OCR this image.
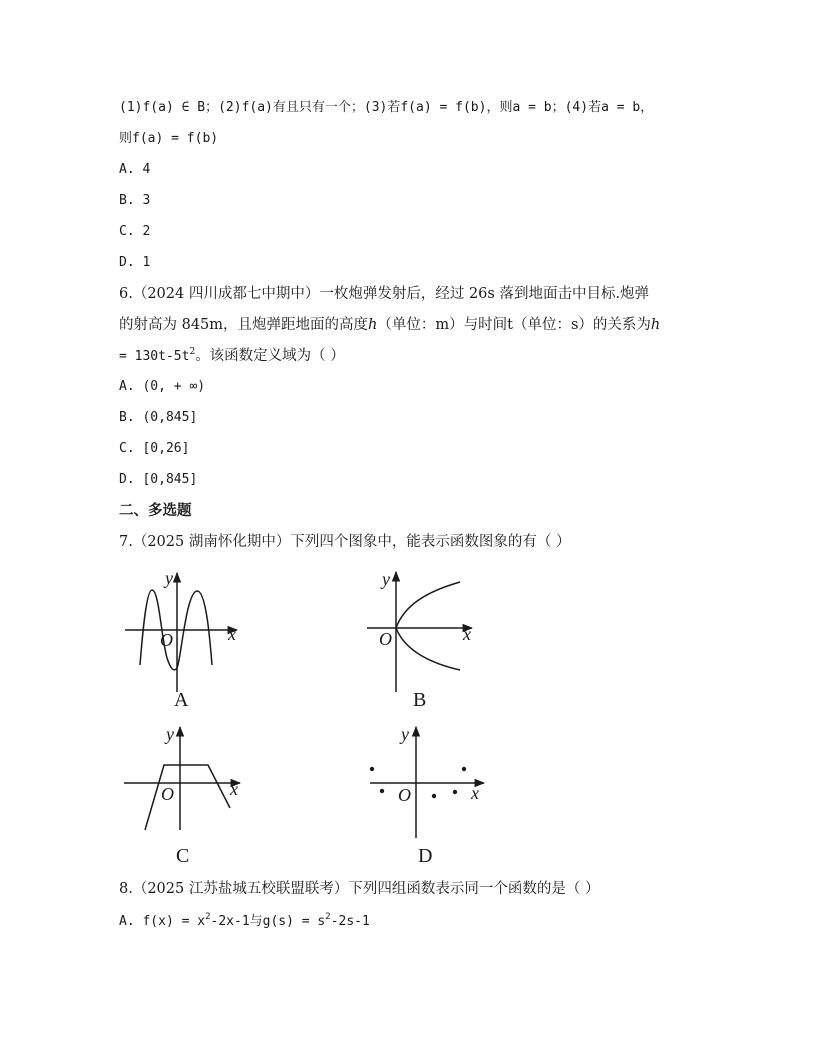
(1)f(a) ∈ B；(2)f(a)有且只有一个；(3)若f(a) = f(b)，则a = b；(4)若a = b，
则f(a) = f(b)
A. 4
B. 3
C. 2
D. 1
6.（2024 四川成都七中期中）一枚炮弹发射后，经过 26s 落到地面击中目标.炮弹
的射高为 845m，且炮弹距地面的高度h（单位：m）与时间t（单位：s）的关系为h
= $130t-5t^2$。该函数定义域为（ ）
A. (0, + ∞)
B. (0,845]
C. [0,26]
D. [0,845]
二、多选题
7.（2025 湖南怀化期中）下列四个图象中，能表示函数图象的有（ ）
y
x
O
y
x
O
y
x
O
y
x
O
A	B
C	D
8.（2025 江苏盐城五校联盟联考）下列四组函数表示同一个函数的是（ ）
A. $f(x) = x^2-2x-1$与$g(s) = s^2-2s-1$
